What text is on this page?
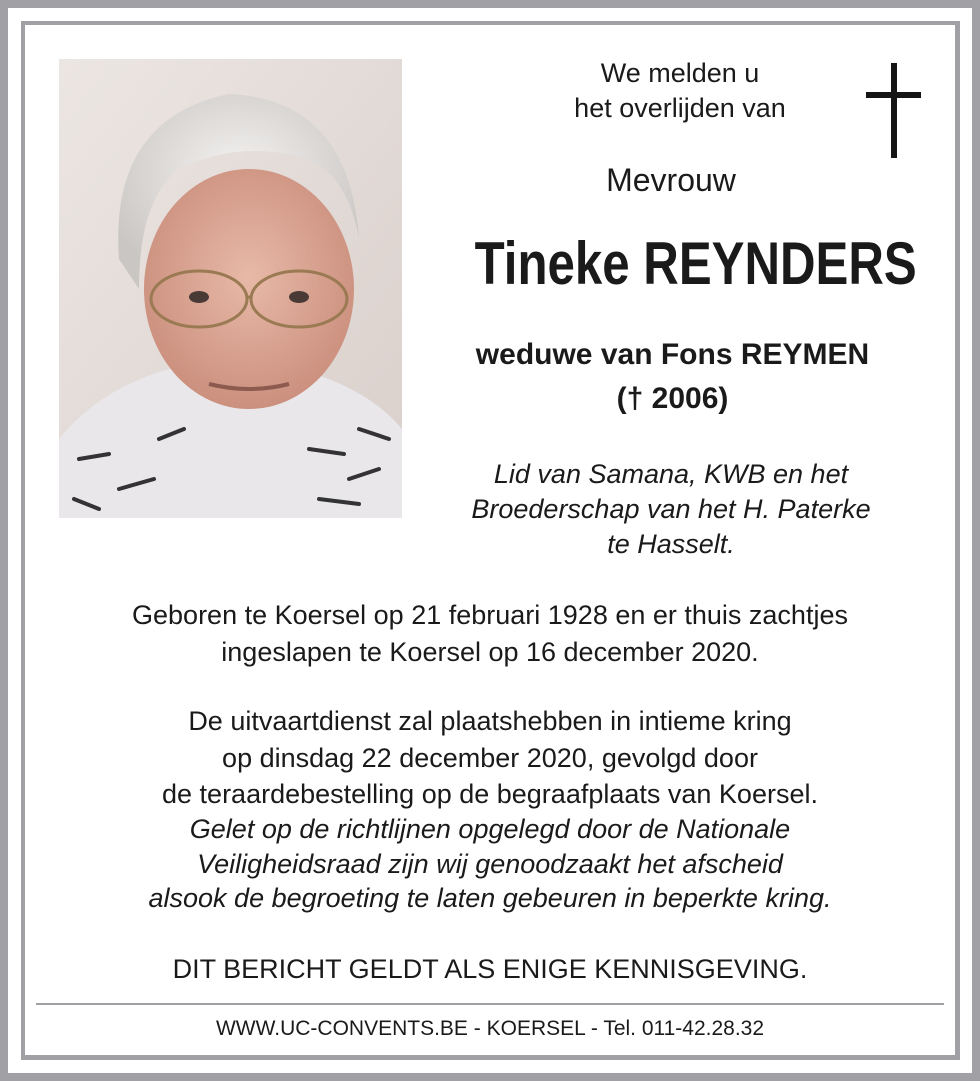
We melden u
het overlijden van
Mevrouw
Tineke REYNDERS
weduwe van Fons REYMEN
(† 2006)
Lid van Samana, KWB en het
Broederschap van het H. Paterke
te Hasselt.
Geboren te Koersel op 21 februari 1928 en er thuis zachtjes
ingeslapen te Koersel op 16 december 2020.
De uitvaartdienst zal plaatshebben in intieme kring
op dinsdag 22 december 2020, gevolgd door
de teraardebestelling op de begraafplaats van Koersel.
Gelet op de richtlijnen opgelegd door de Nationale
Veiligheidsraad zijn wij genoodzaakt het afscheid
alsook de begroeting te laten gebeuren in beperkte kring.
DIT BERICHT GELDT ALS ENIGE KENNISGEVING.
WWW.UC-CONVENTS.BE - KOERSEL - Tel. 011-42.28.32
